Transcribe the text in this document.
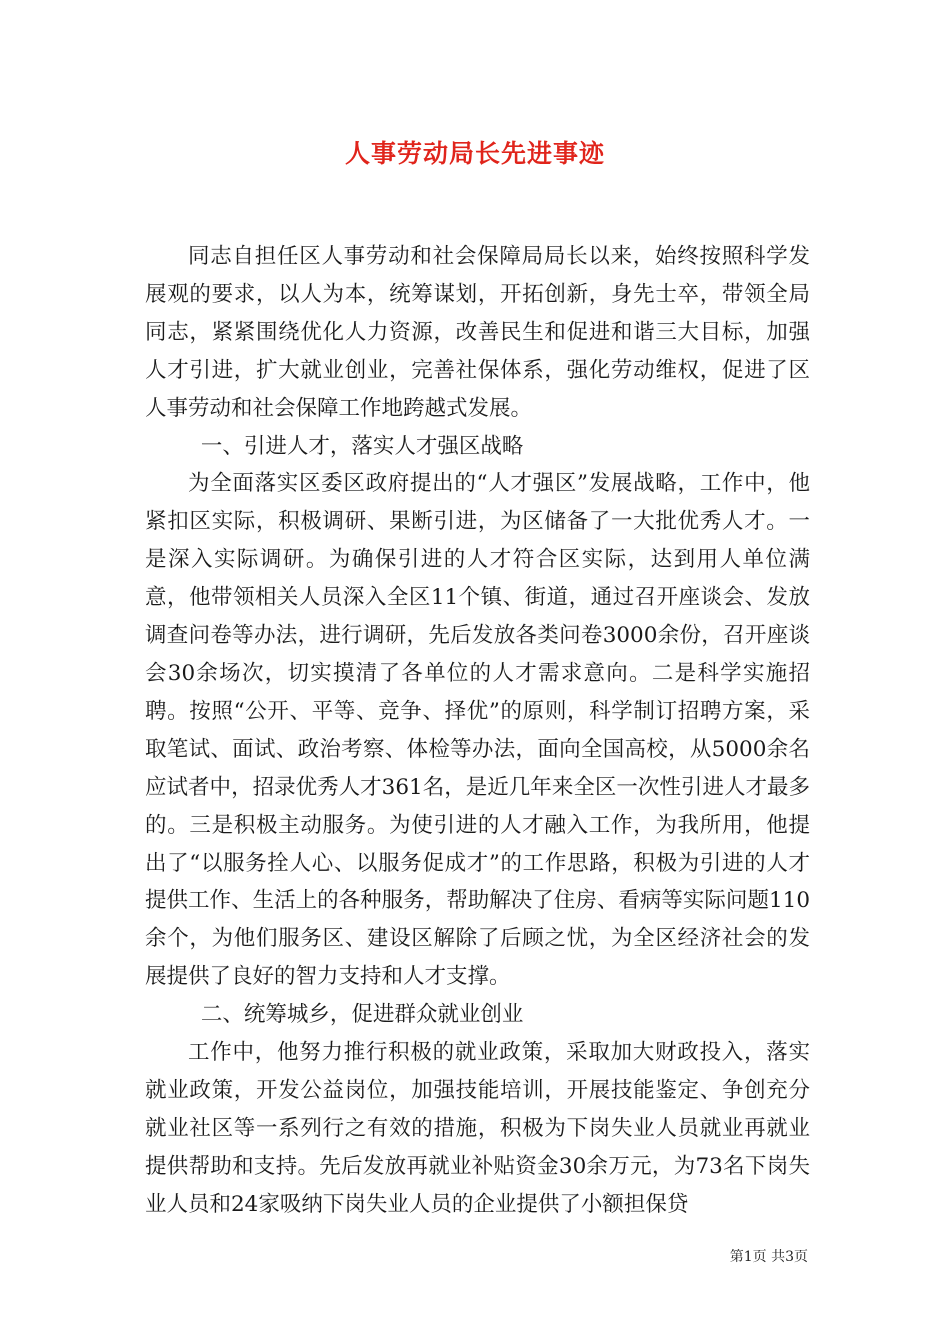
人事劳动局长先进事迹

同志自担任区人事劳动和社会保障局局长以来，始终按照科学发展观的要求，以人为本，统筹谋划，开拓创新，身先士卒，带领全局同志，紧紧围绕优化人力资源，改善民生和促进和谐三大目标，加强人才引进，扩大就业创业，完善社保体系，强化劳动维权，促进了区人事劳动和社会保障工作地跨越式发展。

一、引进人才，落实人才强区战略

为全面落实区委区政府提出的“人才强区”发展战略，工作中，他紧扣区实际，积极调研、果断引进，为区储备了一大批优秀人才。一是深入实际调研。为确保引进的人才符合区实际，达到用人单位满意，他带领相关人员深入全区11个镇、街道，通过召开座谈会、发放调查问卷等办法，进行调研，先后发放各类问卷3000余份，召开座谈会30余场次，切实摸清了各单位的人才需求意向。二是科学实施招聘。按照“公开、平等、竞争、择优”的原则，科学制订招聘方案，采取笔试、面试、政治考察、体检等办法，面向全国高校，从5000余名应试者中，招录优秀人才361名，是近几年来全区一次性引进人才最多的。三是积极主动服务。为使引进的人才融入工作，为我所用，他提出了“以服务拴人心、以服务促成才”的工作思路，积极为引进的人才提供工作、生活上的各种服务，帮助解决了住房、看病等实际问题110余个，为他们服务区、建设区解除了后顾之忧，为全区经济社会的发展提供了良好的智力支持和人才支撑。

二、统筹城乡，促进群众就业创业

工作中，他努力推行积极的就业政策，采取加大财政投入，落实就业政策，开发公益岗位，加强技能培训，开展技能鉴定、争创充分就业社区等一系列行之有效的措施，积极为下岗失业人员就业再就业提供帮助和支持。先后发放再就业补贴资金30余万元，为73名下岗失业人员和24家吸纳下岗失业人员的企业提供了小额担保贷

第1页 共3页
